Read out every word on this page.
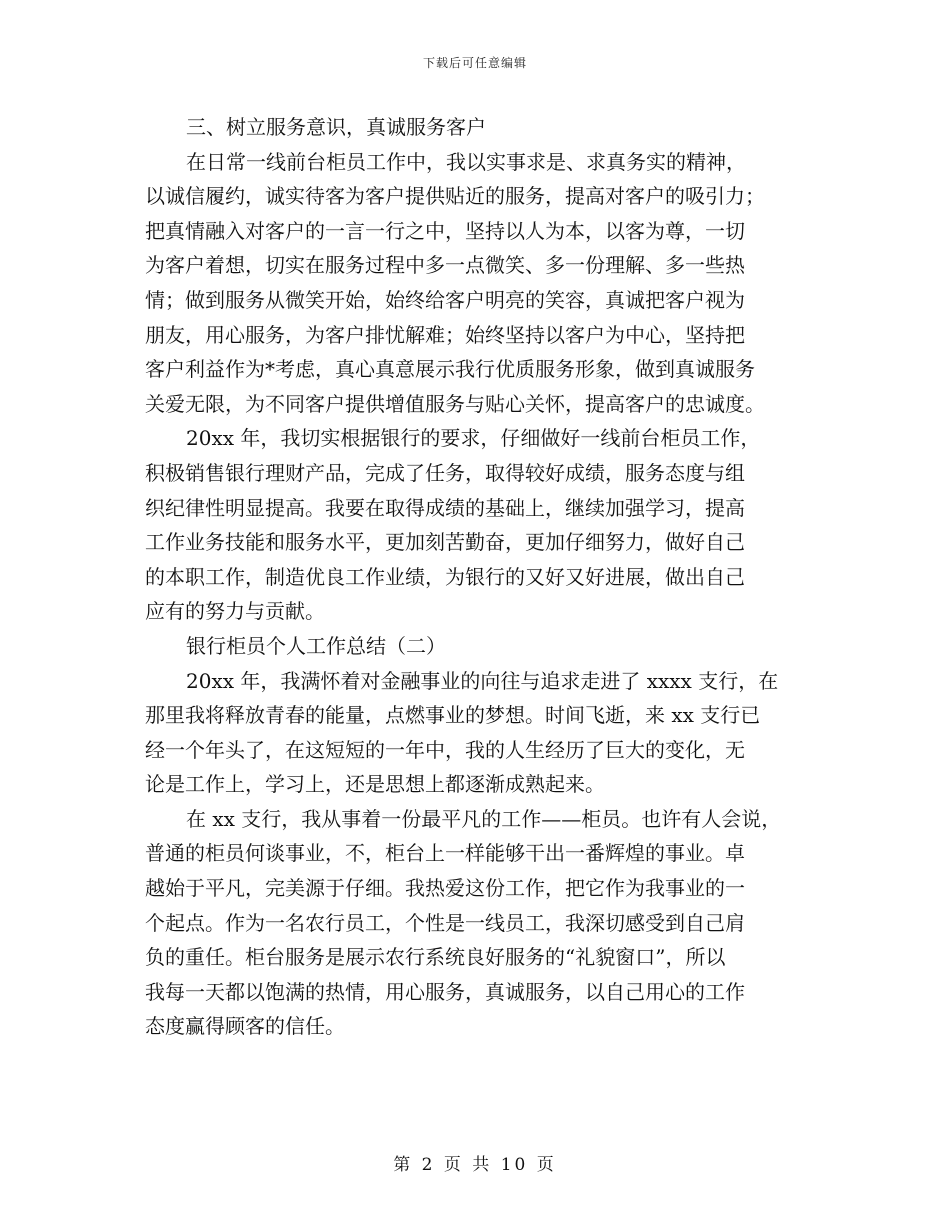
下载后可任意编辑
三、树立服务意识，真诚服务客户
在日常一线前台柜员工作中，我以实事求是、求真务实的精神，
以诚信履约，诚实待客为客户提供贴近的服务，提高对客户的吸引力；
把真情融入对客户的一言一行之中，坚持以人为本，以客为尊，一切
为客户着想，切实在服务过程中多一点微笑、多一份理解、多一些热
情；做到服务从微笑开始，始终给客户明亮的笑容，真诚把客户视为
朋友，用心服务，为客户排忧解难；始终坚持以客户为中心，坚持把
客户利益作为*考虑，真心真意展示我行优质服务形象，做到真诚服务
关爱无限，为不同客户提供增值服务与贴心关怀，提高客户的忠诚度。
20xx 年，我切实根据银行的要求，仔细做好一线前台柜员工作，
积极销售银行理财产品，完成了任务，取得较好成绩，服务态度与组
织纪律性明显提高。我要在取得成绩的基础上，继续加强学习，提高
工作业务技能和服务水平，更加刻苦勤奋，更加仔细努力，做好自己
的本职工作，制造优良工作业绩，为银行的又好又好进展，做出自己
应有的努力与贡献。
银行柜员个人工作总结（二）
20xx 年，我满怀着对金融事业的向往与追求走进了 xxxx 支行，在
那里我将释放青春的能量，点燃事业的梦想。时间飞逝，来 xx 支行已
经一个年头了，在这短短的一年中，我的人生经历了巨大的变化，无
论是工作上，学习上，还是思想上都逐渐成熟起来。
在 xx 支行，我从事着一份最平凡的工作——柜员。也许有人会说，
普通的柜员何谈事业，不，柜台上一样能够干出一番辉煌的事业。卓
越始于平凡，完美源于仔细。我热爱这份工作，把它作为我事业的一
个起点。作为一名农行员工，个性是一线员工，我深切感受到自己肩
负的重任。柜台服务是展示农行系统良好服务的“礼貌窗口”，所以
我每一天都以饱满的热情，用心服务，真诚服务，以自己用心的工作
态度赢得顾客的信任。
第 2 页 共 10 页
